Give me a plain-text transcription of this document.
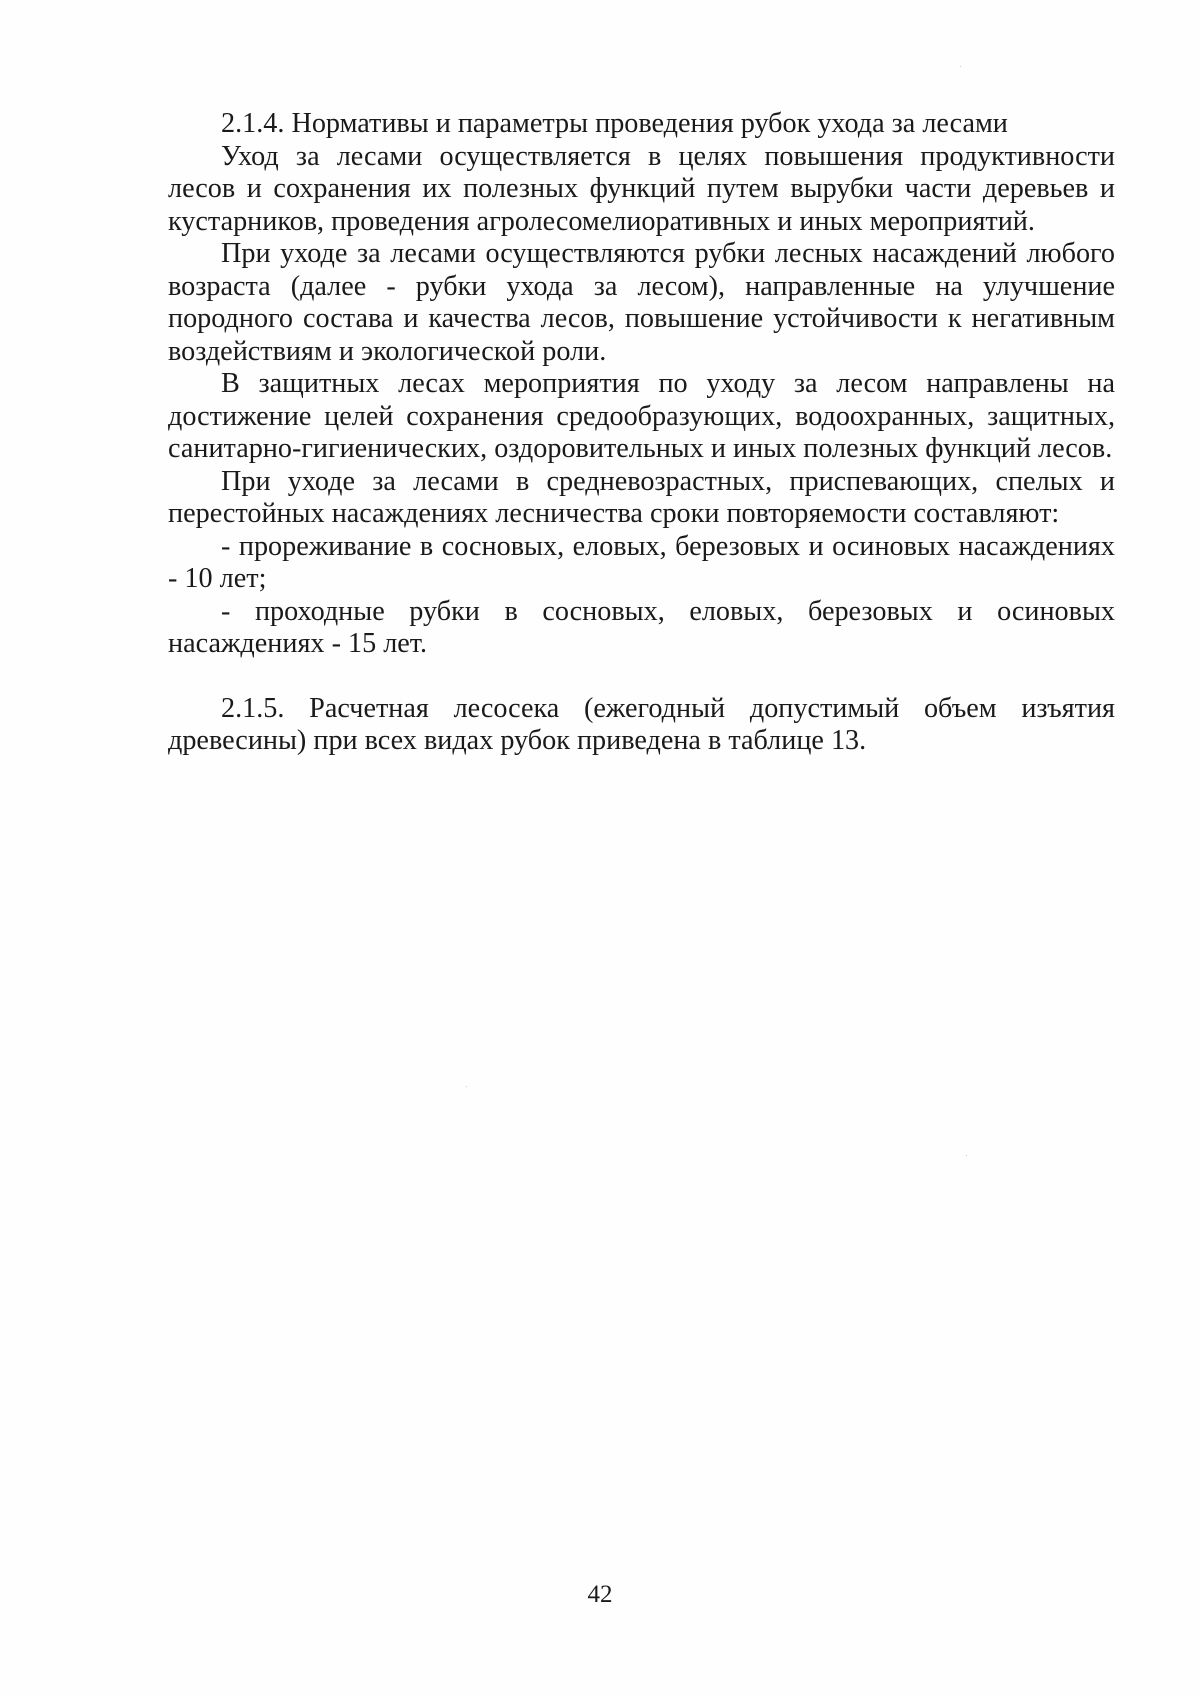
2.1.4. Нормативы и параметры проведения рубок ухода за лесами

Уход за лесами осуществляется в целях повышения продуктивности лесов и сохранения их полезных функций путем вырубки части деревьев и кустарников, проведения агролесомелиоративных и иных мероприятий.

При уходе за лесами осуществляются рубки лесных насаждений любого возраста (далее - рубки ухода за лесом), направленные на улучшение породного состава и качества лесов, повышение устойчивости к негативным воздействиям и экологической роли.

В защитных лесах мероприятия по уходу за лесом направлены на достижение целей сохранения средообразующих, водоохранных, защитных, санитарно-гигиенических, оздоровительных и иных полезных функций лесов.

При уходе за лесами в средневозрастных, приспевающих, спелых и перестойных насаждениях лесничества сроки повторяемости составляют:

- прореживание в сосновых, еловых, березовых и осиновых насаждениях - 10 лет;

- проходные рубки в сосновых, еловых, березовых и осиновых насаждениях - 15 лет.

2.1.5. Расчетная лесосека (ежегодный допустимый объем изъятия древесины) при всех видах рубок приведена в таблице 13.

42
